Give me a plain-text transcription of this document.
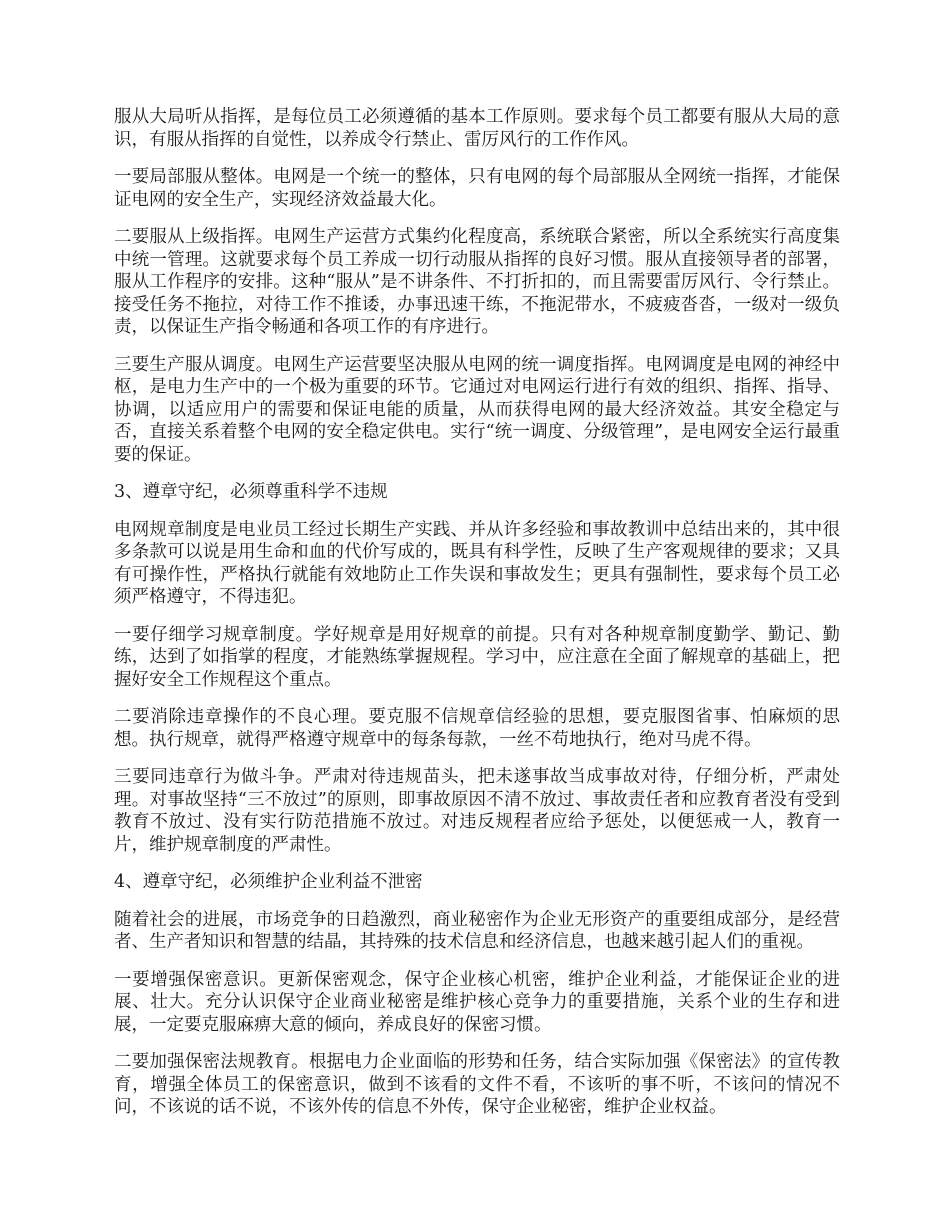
服从大局听从指挥，是每位员工必须遵循的基本工作原则。要求每个员工都要有服从大局的意识，有服从指挥的自觉性，以养成令行禁止、雷厉风行的工作作风。

一要局部服从整体。电网是一个统一的整体，只有电网的每个局部服从全网统一指挥，才能保证电网的安全生产，实现经济效益最大化。

二要服从上级指挥。电网生产运营方式集约化程度高，系统联合紧密，所以全系统实行高度集中统一管理。这就要求每个员工养成一切行动服从指挥的良好习惯。服从直接领导者的部署，服从工作程序的安排。这种“服从”是不讲条件、不打折扣的，而且需要雷厉风行、令行禁止。接受任务不拖拉，对待工作不推诿，办事迅速干练，不拖泥带水，不疲疲沓沓，一级对一级负责，以保证生产指令畅通和各项工作的有序进行。

三要生产服从调度。电网生产运营要坚决服从电网的统一调度指挥。电网调度是电网的神经中枢，是电力生产中的一个极为重要的环节。它通过对电网运行进行有效的组织、指挥、指导、协调，以适应用户的需要和保证电能的质量，从而获得电网的最大经济效益。其安全稳定与否，直接关系着整个电网的安全稳定供电。实行“统一调度、分级管理”，是电网安全运行最重要的保证。

3、遵章守纪，必须尊重科学不违规

电网规章制度是电业员工经过长期生产实践、并从许多经验和事故教训中总结出来的，其中很多条款可以说是用生命和血的代价写成的，既具有科学性，反映了生产客观规律的要求；又具有可操作性，严格执行就能有效地防止工作失误和事故发生；更具有强制性，要求每个员工必须严格遵守，不得违犯。

一要仔细学习规章制度。学好规章是用好规章的前提。只有对各种规章制度勤学、勤记、勤练，达到了如指掌的程度，才能熟练掌握规程。学习中，应注意在全面了解规章的基础上，把握好安全工作规程这个重点。

二要消除违章操作的不良心理。要克服不信规章信经验的思想，要克服图省事、怕麻烦的思想。执行规章，就得严格遵守规章中的每条每款，一丝不苟地执行，绝对马虎不得。

三要同违章行为做斗争。严肃对待违规苗头，把未遂事故当成事故对待，仔细分析，严肃处理。对事故坚持“三不放过”的原则，即事故原因不清不放过、事故责任者和应教育者没有受到教育不放过、没有实行防范措施不放过。对违反规程者应给予惩处，以便惩戒一人，教育一片，维护规章制度的严肃性。

4、遵章守纪，必须维护企业利益不泄密

随着社会的进展，市场竞争的日趋激烈，商业秘密作为企业无形资产的重要组成部分，是经营者、生产者知识和智慧的结晶，其持殊的技术信息和经济信息，也越来越引起人们的重视。

一要增强保密意识。更新保密观念，保守企业核心机密，维护企业利益，才能保证企业的进展、壮大。充分认识保守企业商业秘密是维护核心竞争力的重要措施，关系个业的生存和进展，一定要克服麻痹大意的倾向，养成良好的保密习惯。

二要加强保密法规教育。根据电力企业面临的形势和任务，结合实际加强《保密法》的宣传教育，增强全体员工的保密意识，做到不该看的文件不看，不该听的事不听，不该问的情况不问，不该说的话不说，不该外传的信息不外传，保守企业秘密，维护企业权益。
